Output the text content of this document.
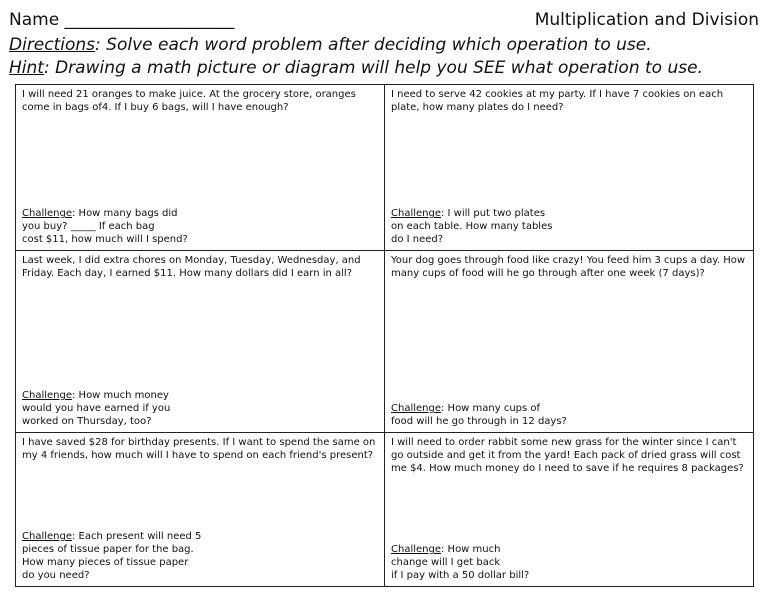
Name ____________________	Multiplication and Division
Directions: Solve each word problem after deciding which operation to use.
Hint: Drawing a math picture or diagram will help you SEE what operation to use.
I will need 21 oranges to make juice. At the grocery store, oranges come in bags of4. If I buy 6 bags, will I have enough?
Challenge: How many bags did
you buy? _____ If each bag
cost $11, how much will I spend?
I need to serve 42 cookies at my party. If I have 7 cookies on each plate, how many plates do I need?
Challenge: I will put two plates
on each table. How many tables
do I need?
Last week, I did extra chores on Monday, Tuesday, Wednesday, and Friday. Each day, I earned $11. How many dollars did I earn in all?
Challenge: How much money
would you have earned if you
worked on Thursday, too?
Your dog goes through food like crazy! You feed him 3 cups a day. How many cups of food will he go through after one week (7 days)?
Challenge: How many cups of
food will he go through in 12 days?
I have saved $28 for birthday presents. If I want to spend the same on my 4 friends, how much will I have to spend on each friend's present?
Challenge: Each present will need 5
pieces of tissue paper for the bag.
How many pieces of tissue paper
do you need?
I will need to order rabbit some new grass for the winter since I can't go outside and get it from the yard! Each pack of dried grass will cost me $4. How much money do I need to save if he requires 8 packages?
Challenge: How much
change will I get back
if I pay with a 50 dollar bill?
